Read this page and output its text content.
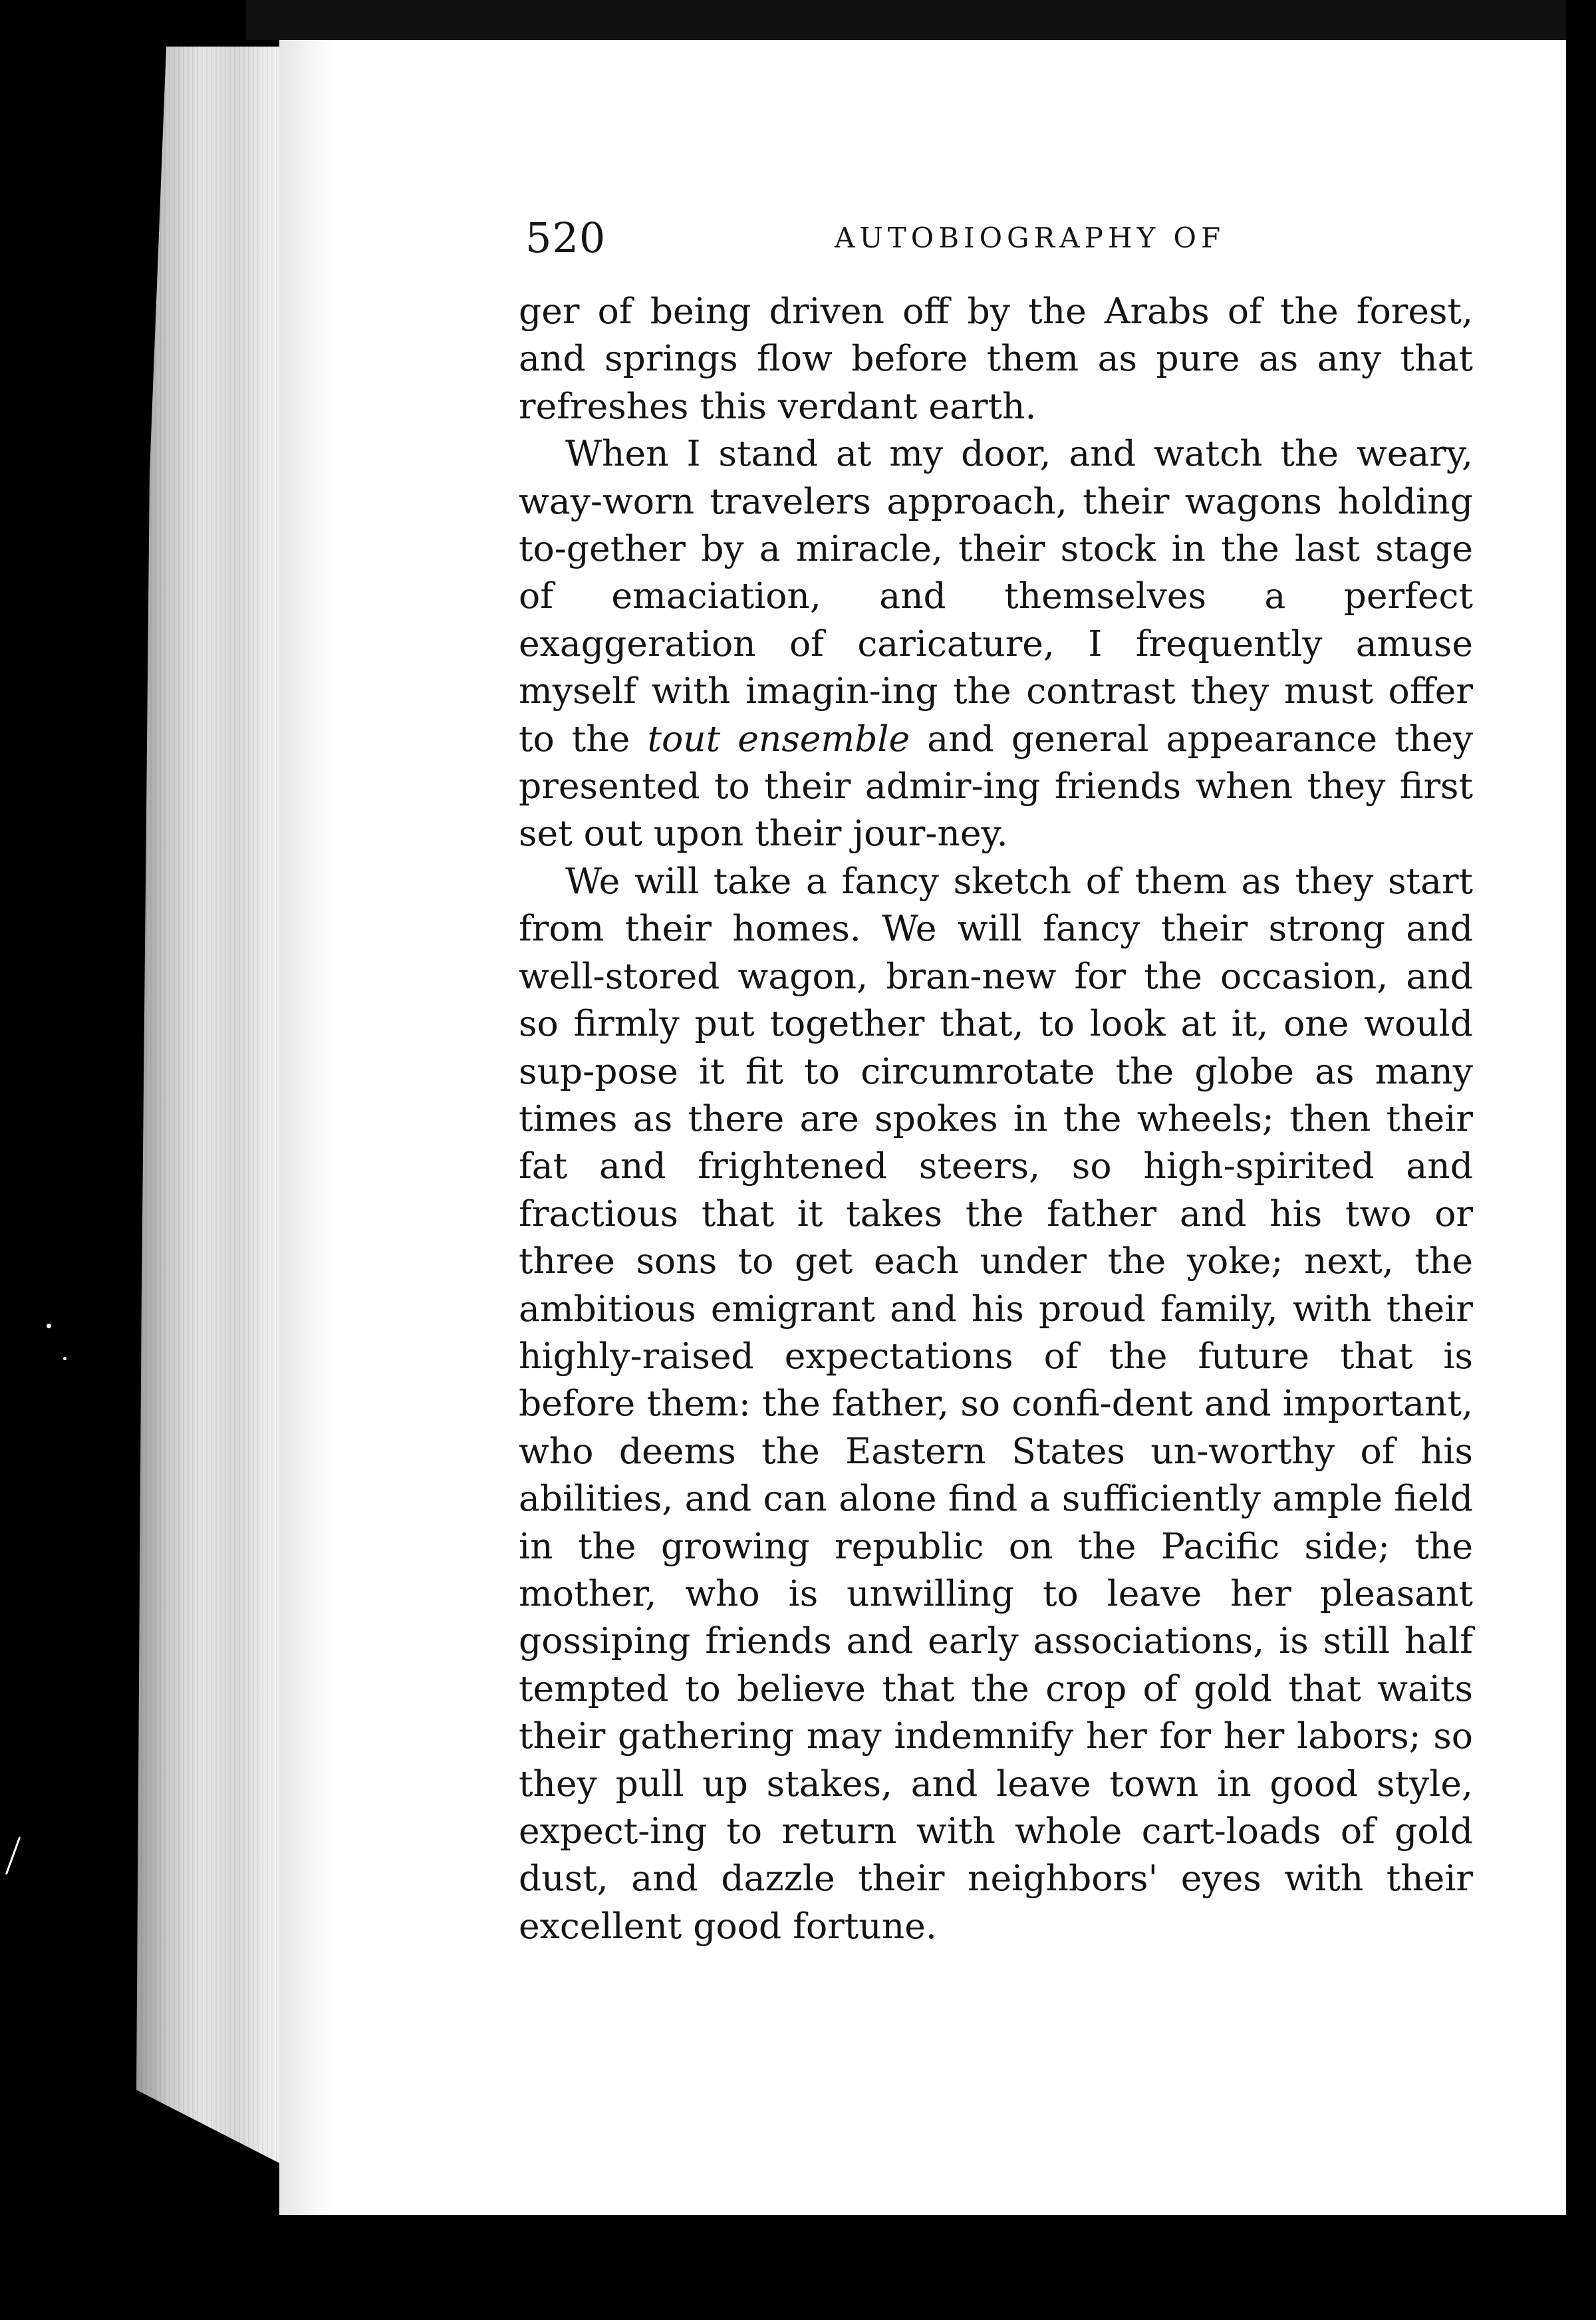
520	AUTOBIOGRAPHY OF

ger of being driven off by the Arabs of the forest, and springs flow before them as pure as any that refreshes this verdant earth.

When I stand at my door, and watch the weary, way-worn travelers approach, their wagons holding to-gether by a miracle, their stock in the last stage of emaciation, and themselves a perfect exaggeration of caricature, I frequently amuse myself with imagin-ing the contrast they must offer to the tout ensemble and general appearance they presented to their admir-ing friends when they first set out upon their jour-ney.

We will take a fancy sketch of them as they start from their homes. We will fancy their strong and well-stored wagon, bran-new for the occasion, and so firmly put together that, to look at it, one would sup-pose it fit to circumrotate the globe as many times as there are spokes in the wheels; then their fat and frightened steers, so high-spirited and fractious that it takes the father and his two or three sons to get each under the yoke; next, the ambitious emigrant and his proud family, with their highly-raised expectations of the future that is before them: the father, so confi-dent and important, who deems the Eastern States un-worthy of his abilities, and can alone find a sufficiently ample field in the growing republic on the Pacific side; the mother, who is unwilling to leave her pleasant gossiping friends and early associations, is still half tempted to believe that the crop of gold that waits their gathering may indemnify her for her labors; so they pull up stakes, and leave town in good style, expect-ing to return with whole cart-loads of gold dust, and dazzle their neighbors' eyes with their excellent good fortune.
